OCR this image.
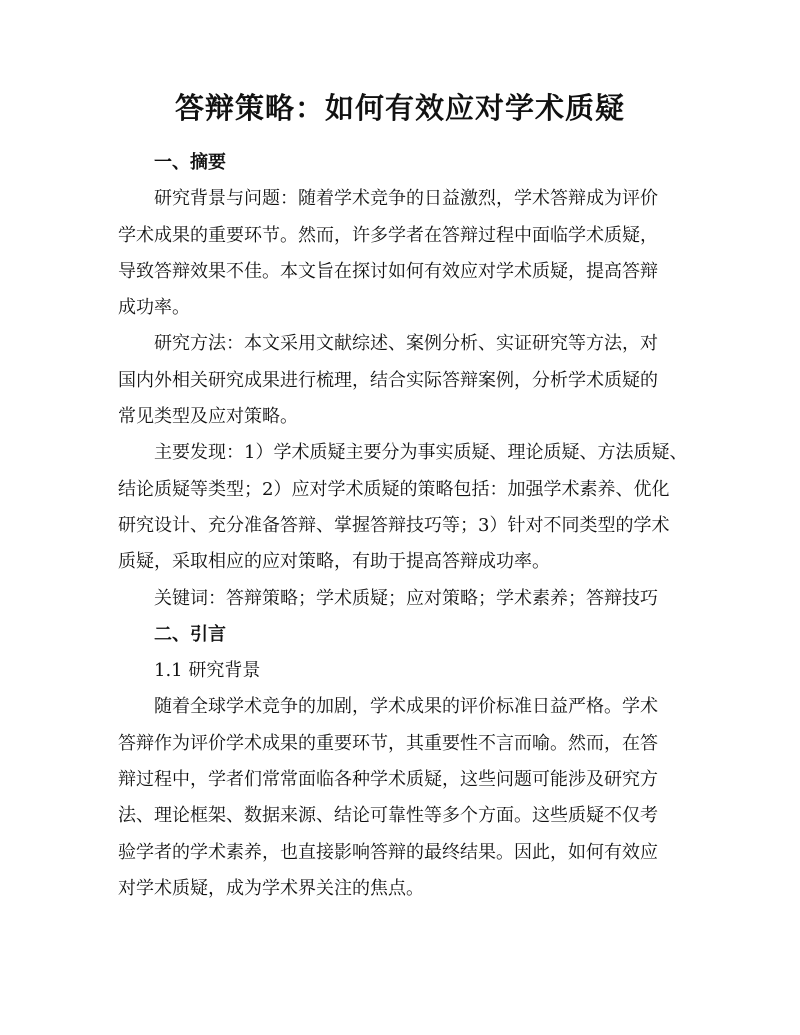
答辩策略：如何有效应对学术质疑
一、摘要
研究背景与问题：随着学术竞争的日益激烈，学术答辩成为评价
学术成果的重要环节。然而，许多学者在答辩过程中面临学术质疑，
导致答辩效果不佳。本文旨在探讨如何有效应对学术质疑，提高答辩
成功率。
研究方法：本文采用文献综述、案例分析、实证研究等方法，对
国内外相关研究成果进行梳理，结合实际答辩案例，分析学术质疑的
常见类型及应对策略。
主要发现：1）学术质疑主要分为事实质疑、理论质疑、方法质疑、
结论质疑等类型；2）应对学术质疑的策略包括：加强学术素养、优化
研究设计、充分准备答辩、掌握答辩技巧等；3）针对不同类型的学术
质疑，采取相应的应对策略，有助于提高答辩成功率。
关键词：答辩策略；学术质疑；应对策略；学术素养；答辩技巧
二、引言
1.1 研究背景
随着全球学术竞争的加剧，学术成果的评价标准日益严格。学术
答辩作为评价学术成果的重要环节，其重要性不言而喻。然而，在答
辩过程中，学者们常常面临各种学术质疑，这些问题可能涉及研究方
法、理论框架、数据来源、结论可靠性等多个方面。这些质疑不仅考
验学者的学术素养，也直接影响答辩的最终结果。因此，如何有效应
对学术质疑，成为学术界关注的焦点。
